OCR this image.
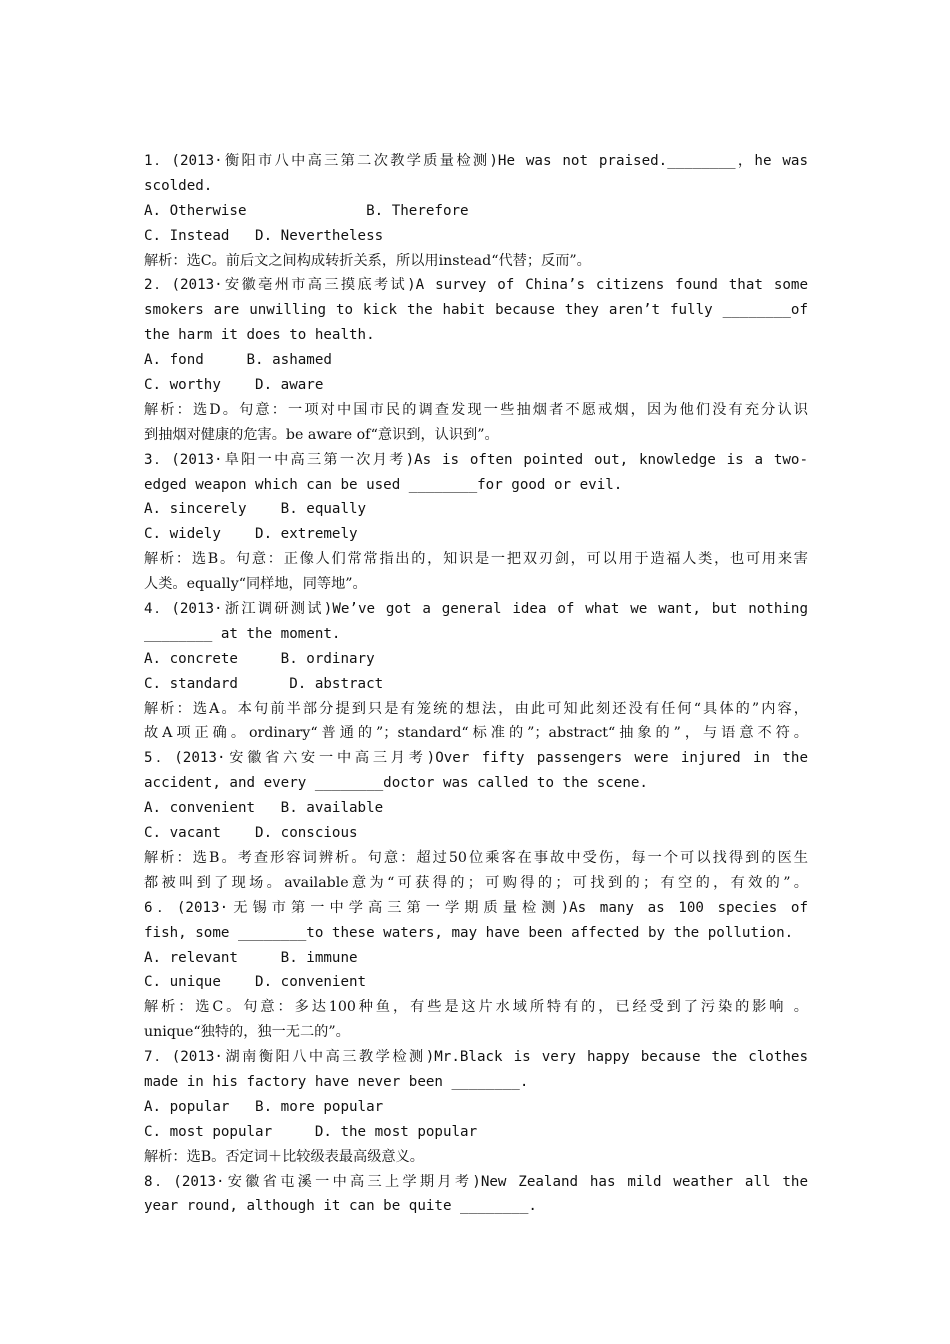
1．(2013·衡阳市八中高三第二次教学质量检测)He was not praised.________，he was
scolded.
A. Otherwise              B. Therefore
C. Instead   D. Nevertheless
解析：选C。前后文之间构成转折关系，所以用instead“代替；反而”。
2．(2013·安徽亳州市高三摸底考试)A survey of China’s citizens found that some
smokers are unwilling to kick the habit because they aren’t fully ________of
the harm it does to health.
A. fond     B. ashamed
C. worthy    D. aware
解析：选D。句意：一项对中国市民的调查发现一些抽烟者不愿戒烟，因为他们没有充分认识
到抽烟对健康的危害。be aware of“意识到，认识到”。
3．(2013·阜阳一中高三第一次月考)As is often pointed out, knowledge is a two-
edged weapon which can be used ________for good or evil.
A. sincerely    B. equally
C. widely    D. extremely
解析：选B。句意：正像人们常常指出的，知识是一把双刃剑，可以用于造福人类，也可用来害
人类。equally“同样地，同等地”。
4．(2013·浙江调研测试)We’ve got a general idea of what we want, but nothing
________ at the moment.
A. concrete     B. ordinary
C. standard      D. abstract
解析：选A。本句前半部分提到只是有笼统的想法，由此可知此刻还没有任何“具体的”内容，
故A项正确。ordinary“普通的”；standard“标准的”；abstract“抽象的”，与语意不符。
5．(2013·安徽省六安一中高三月考)Over fifty passengers were injured in the
accident, and every ________doctor was called to the scene.
A. convenient   B. available
C. vacant    D. conscious
解析：选B。考查形容词辨析。句意：超过50位乘客在事故中受伤，每一个可以找得到的医生
都被叫到了现场。available意为“可获得的；可购得的；可找到的；有空的，有效的”。
6．(2013·无锡市第一中学高三第一学期质量检测)As many as 100 species of
fish, some ________to these waters, may have been affected by the pollution.
A. relevant     B. immune
C. unique    D. convenient
解析：选C。句意：多达100种鱼，有些是这片水域所特有的，已经受到了污染的影响 。
unique“独特的，独一无二的”。
7．(2013·湖南衡阳八中高三教学检测)Mr.Black is very happy because the clothes
made in his factory have never been ________.
A. popular   B. more popular
C. most popular     D. the most popular
解析：选B。否定词＋比较级表最高级意义。
8．(2013·安徽省屯溪一中高三上学期月考)New Zealand has mild weather all the
year round, although it can be quite ________.
